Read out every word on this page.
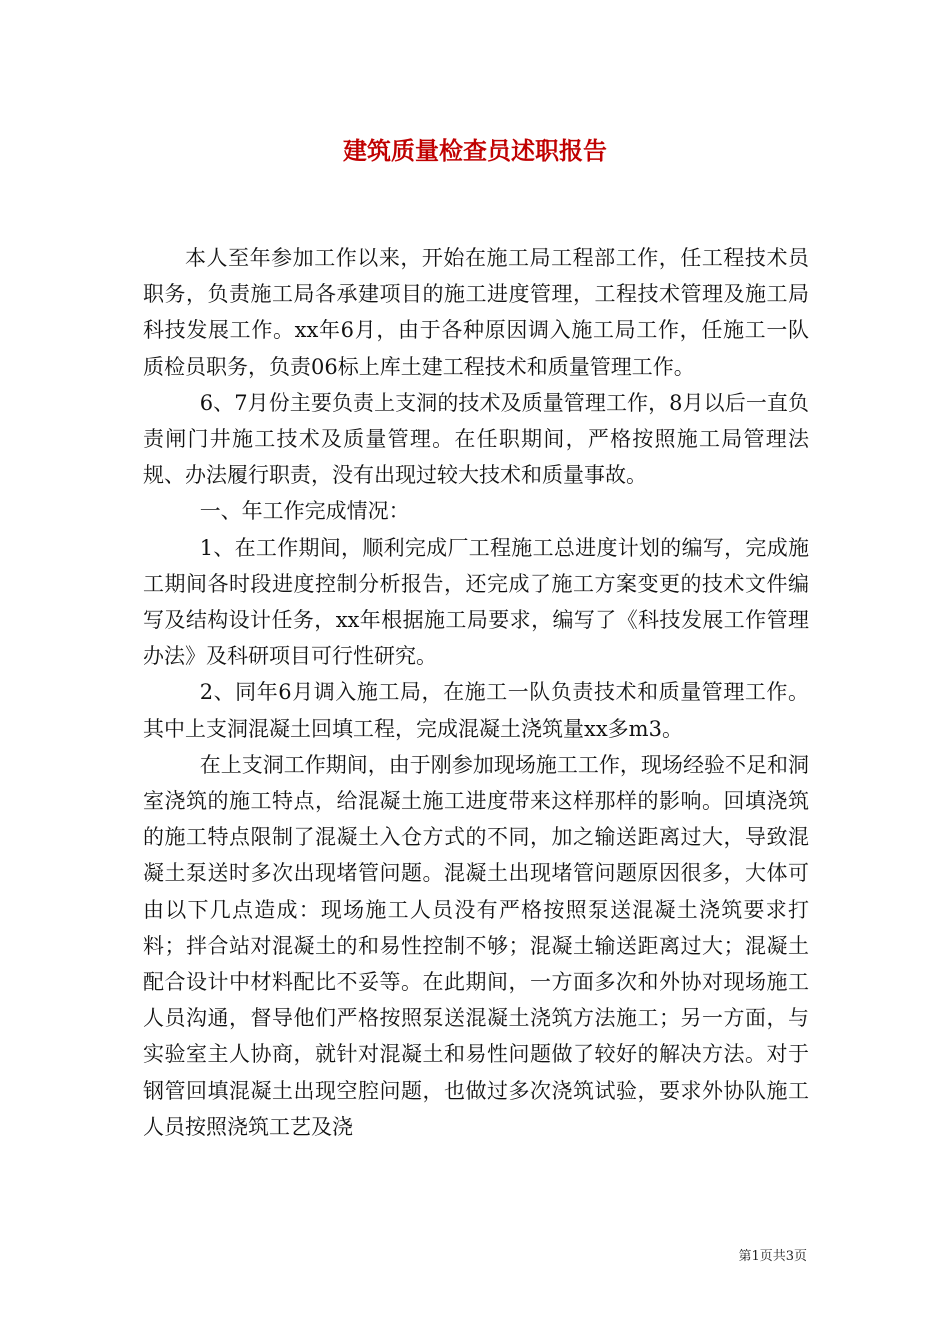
建筑质量检查员述职报告

本人至年参加工作以来，开始在施工局工程部工作，任工程技术员职务，负责施工局各承建项目的施工进度管理，工程技术管理及施工局科技发展工作。xx年6月，由于各种原因调入施工局工作，任施工一队质检员职务，负责06标上库土建工程技术和质量管理工作。

6、7月份主要负责上支洞的技术及质量管理工作，8月以后一直负责闸门井施工技术及质量管理。在任职期间，严格按照施工局管理法规、办法履行职责，没有出现过较大技术和质量事故。

一、年工作完成情况：

1、在工作期间，顺利完成厂工程施工总进度计划的编写，完成施工期间各时段进度控制分析报告，还完成了施工方案变更的技术文件编写及结构设计任务，xx年根据施工局要求，编写了《科技发展工作管理办法》及科研项目可行性研究。

2、同年6月调入施工局，在施工一队负责技术和质量管理工作。其中上支洞混凝土回填工程，完成混凝土浇筑量xx多m3。

在上支洞工作期间，由于刚参加现场施工工作，现场经验不足和洞室浇筑的施工特点，给混凝土施工进度带来这样那样的影响。回填浇筑的施工特点限制了混凝土入仓方式的不同，加之输送距离过大，导致混凝土泵送时多次出现堵管问题。混凝土出现堵管问题原因很多，大体可由以下几点造成：现场施工人员没有严格按照泵送混凝土浇筑要求打料；拌合站对混凝土的和易性控制不够；混凝土输送距离过大；混凝土配合设计中材料配比不妥等。在此期间，一方面多次和外协对现场施工人员沟通，督导他们严格按照泵送混凝土浇筑方法施工；另一方面，与实验室主人协商，就针对混凝土和易性问题做了较好的解决方法。对于钢管回填混凝土出现空腔问题，也做过多次浇筑试验，要求外协队施工人员按照浇筑工艺及浇

第1页共3页
